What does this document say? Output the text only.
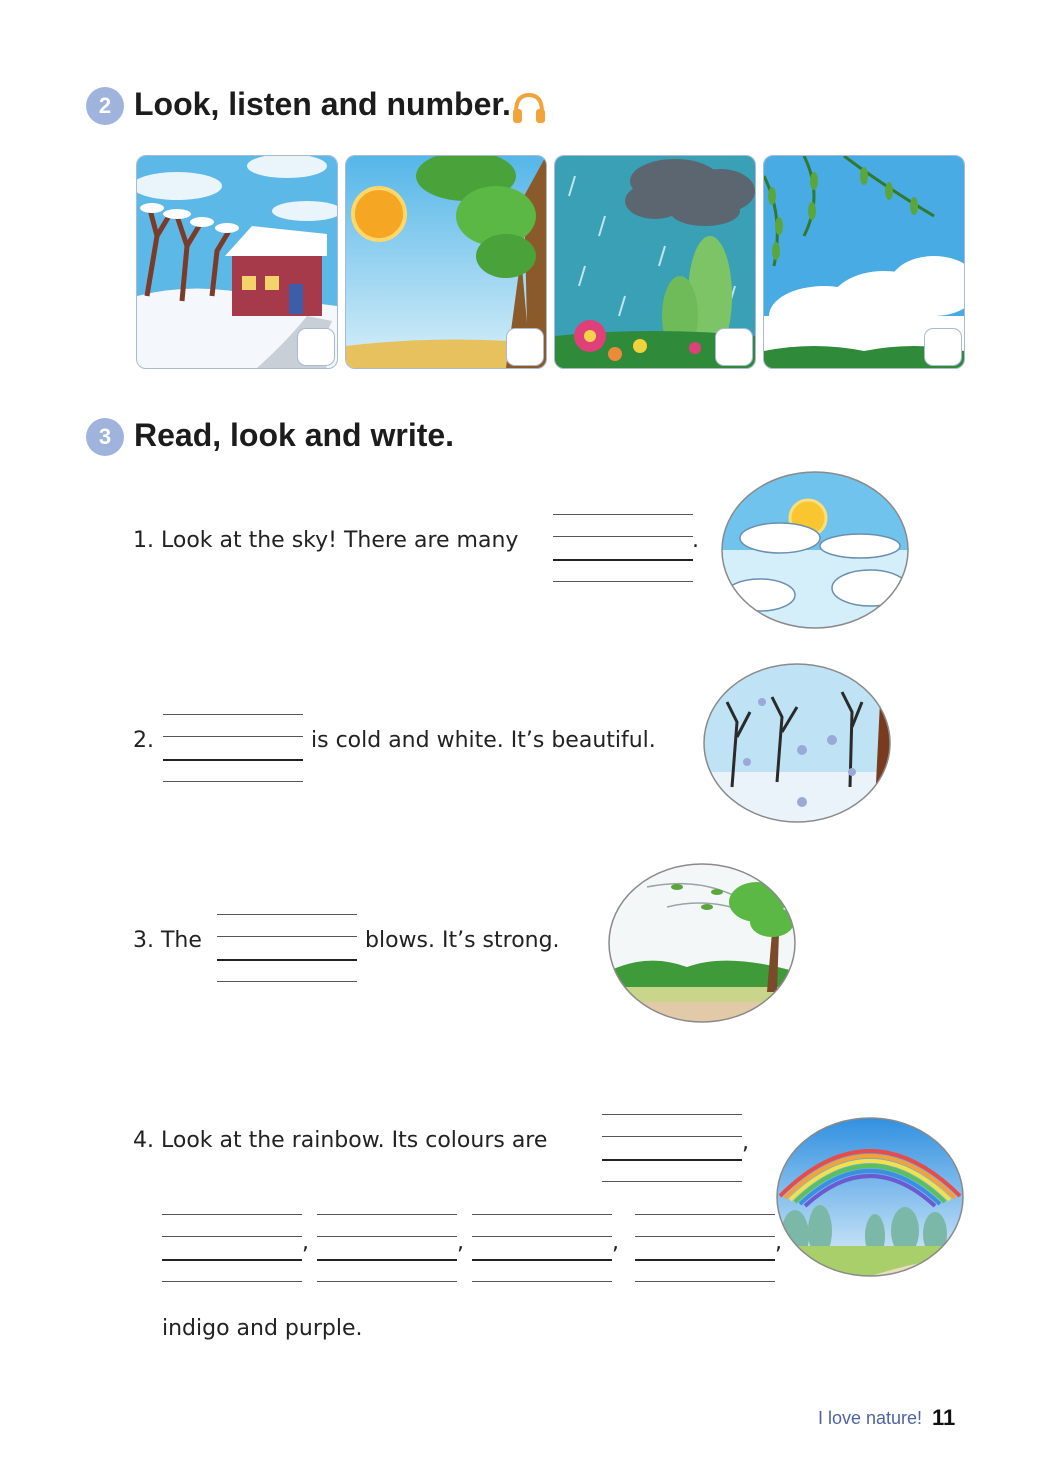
2 Look, listen and number.
3 Read, look and write.
1. Look at the sky! There are many	.
2.	is cold and white. It’s beautiful.
3. The	blows. It’s strong.
4. Look at the rainbow. Its colours are	,
,	,	,	,
indigo and purple.
I love nature! 11
